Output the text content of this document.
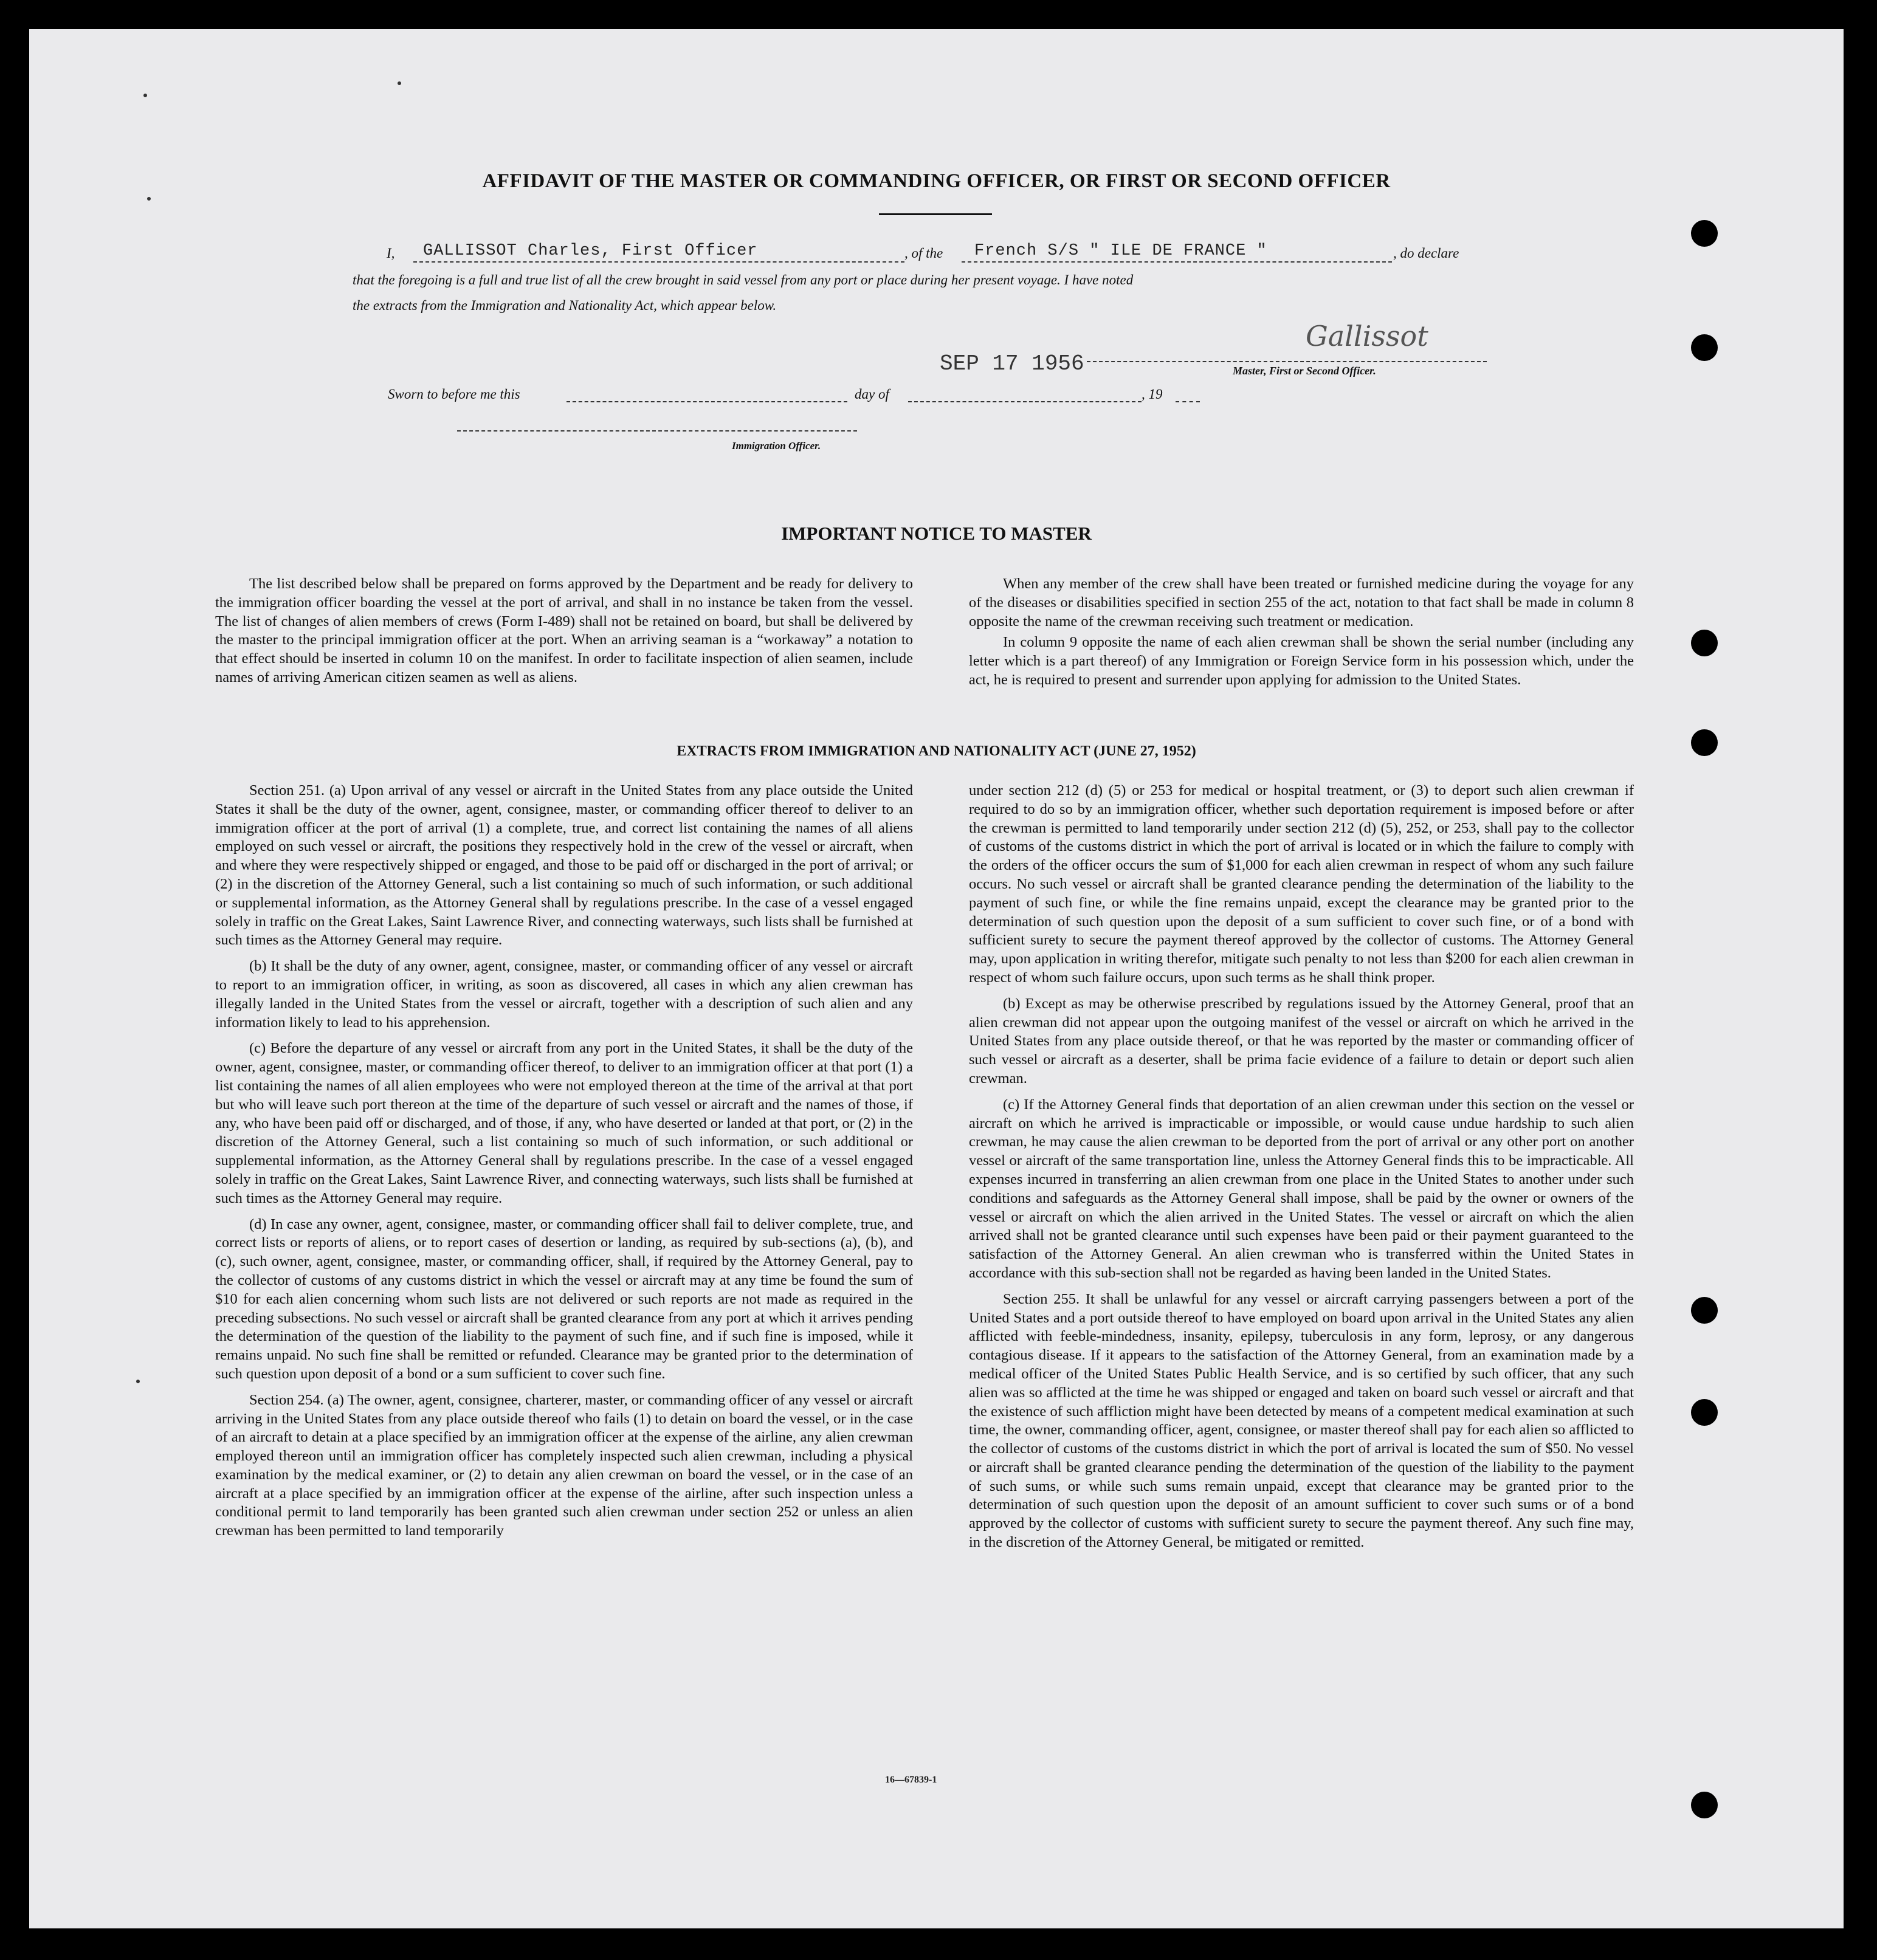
AFFIDAVIT OF THE MASTER OR COMMANDING OFFICER, OR FIRST OR SECOND OFFICER
I, GALLISSOT Charles, First Officer	, of the French S/S " ILE DE FRANCE "	, do declare
that the foregoing is a full and true list of all the crew brought in said vessel from any port or place during her present voyage. I have noted
the extracts from the Immigration and Nationality Act, which appear below.
SEP 17 1956
Gallissot
Master, First or Second Officer.
Sworn to before me this	day of	, 19
Immigration Officer.
IMPORTANT NOTICE TO MASTER

The list described below shall be prepared on forms approved by the Department and be ready for delivery to the immigration officer boarding the vessel at the port of arrival, and shall in no instance be taken from the vessel. The list of changes of alien members of crews (Form I-489) shall not be retained on board, but shall be delivered by the master to the principal immigration officer at the port. When an arriving seaman is a “workaway” a notation to that effect should be inserted in column 10 on the manifest. In order to facilitate inspection of alien seamen, include names of arriving American citizen seamen as well as aliens.

When any member of the crew shall have been treated or furnished medicine during the voyage for any of the diseases or disabilities specified in section 255 of the act, notation to that fact shall be made in column 8 opposite the name of the crewman receiving such treatment or medication.

In column 9 opposite the name of each alien crewman shall be shown the serial number (including any letter which is a part thereof) of any Immigration or Foreign Service form in his possession which, under the act, he is required to present and surrender upon applying for admission to the United States.

EXTRACTS FROM IMMIGRATION AND NATIONALITY ACT (JUNE 27, 1952)

Section 251. (a) Upon arrival of any vessel or aircraft in the United States from any place outside the United States it shall be the duty of the owner, agent, consignee, master, or commanding officer thereof to deliver to an immigration officer at the port of arrival (1) a complete, true, and correct list containing the names of all aliens employed on such vessel or aircraft, the positions they respectively hold in the crew of the vessel or aircraft, when and where they were respectively shipped or engaged, and those to be paid off or discharged in the port of arrival; or (2) in the discretion of the Attorney General, such a list containing so much of such information, or such additional or supplemental information, as the Attorney General shall by regulations prescribe. In the case of a vessel engaged solely in traffic on the Great Lakes, Saint Lawrence River, and connecting waterways, such lists shall be furnished at such times as the Attorney General may require.

(b) It shall be the duty of any owner, agent, consignee, master, or commanding officer of any vessel or aircraft to report to an immigration officer, in writing, as soon as discovered, all cases in which any alien crewman has illegally landed in the United States from the vessel or aircraft, together with a description of such alien and any information likely to lead to his apprehension.

(c) Before the departure of any vessel or aircraft from any port in the United States, it shall be the duty of the owner, agent, consignee, master, or commanding officer thereof, to deliver to an immigration officer at that port (1) a list containing the names of all alien employees who were not employed thereon at the time of the arrival at that port but who will leave such port thereon at the time of the departure of such vessel or aircraft and the names of those, if any, who have been paid off or discharged, and of those, if any, who have deserted or landed at that port, or (2) in the discretion of the Attorney General, such a list containing so much of such information, or such additional or supplemental information, as the Attorney General shall by regulations prescribe. In the case of a vessel engaged solely in traffic on the Great Lakes, Saint Lawrence River, and connecting waterways, such lists shall be furnished at such times as the Attorney General may require.

(d) In case any owner, agent, consignee, master, or commanding officer shall fail to deliver complete, true, and correct lists or reports of aliens, or to report cases of desertion or landing, as required by sub-sections (a), (b), and (c), such owner, agent, consignee, master, or commanding officer, shall, if required by the Attorney General, pay to the collector of customs of any customs district in which the vessel or aircraft may at any time be found the sum of $10 for each alien concerning whom such lists are not delivered or such reports are not made as required in the preceding subsections. No such vessel or aircraft shall be granted clearance from any port at which it arrives pending the determination of the question of the liability to the payment of such fine, and if such fine is imposed, while it remains unpaid. No such fine shall be remitted or refunded. Clearance may be granted prior to the determination of such question upon deposit of a bond or a sum sufficient to cover such fine.

Section 254. (a) The owner, agent, consignee, charterer, master, or commanding officer of any vessel or aircraft arriving in the United States from any place outside thereof who fails (1) to detain on board the vessel, or in the case of an aircraft to detain at a place specified by an immigration officer at the expense of the airline, any alien crewman employed thereon until an immigration officer has completely inspected such alien crewman, including a physical examination by the medical examiner, or (2) to detain any alien crewman on board the vessel, or in the case of an aircraft at a place specified by an immigration officer at the expense of the airline, after such inspection unless a conditional permit to land temporarily has been granted such alien crewman under section 252 or unless an alien crewman has been permitted to land temporarily

under section 212 (d) (5) or 253 for medical or hospital treatment, or (3) to deport such alien crewman if required to do so by an immigration officer, whether such deportation requirement is imposed before or after the crewman is permitted to land temporarily under section 212 (d) (5), 252, or 253, shall pay to the collector of customs of the customs district in which the port of arrival is located or in which the failure to comply with the orders of the officer occurs the sum of $1,000 for each alien crewman in respect of whom any such failure occurs. No such vessel or aircraft shall be granted clearance pending the determination of the liability to the payment of such fine, or while the fine remains unpaid, except the clearance may be granted prior to the determination of such question upon the deposit of a sum sufficient to cover such fine, or of a bond with sufficient surety to secure the payment thereof approved by the collector of customs. The Attorney General may, upon application in writing therefor, mitigate such penalty to not less than $200 for each alien crewman in respect of whom such failure occurs, upon such terms as he shall think proper.

(b) Except as may be otherwise prescribed by regulations issued by the Attorney General, proof that an alien crewman did not appear upon the outgoing manifest of the vessel or aircraft on which he arrived in the United States from any place outside thereof, or that he was reported by the master or commanding officer of such vessel or aircraft as a deserter, shall be prima facie evidence of a failure to detain or deport such alien crewman.

(c) If the Attorney General finds that deportation of an alien crewman under this section on the vessel or aircraft on which he arrived is impracticable or impossible, or would cause undue hardship to such alien crewman, he may cause the alien crewman to be deported from the port of arrival or any other port on another vessel or aircraft of the same transportation line, unless the Attorney General finds this to be impracticable. All expenses incurred in transferring an alien crewman from one place in the United States to another under such conditions and safeguards as the Attorney General shall impose, shall be paid by the owner or owners of the vessel or aircraft on which the alien arrived in the United States. The vessel or aircraft on which the alien arrived shall not be granted clearance until such expenses have been paid or their payment guaranteed to the satisfaction of the Attorney General. An alien crewman who is transferred within the United States in accordance with this sub-section shall not be regarded as having been landed in the United States.

Section 255. It shall be unlawful for any vessel or aircraft carrying passengers between a port of the United States and a port outside thereof to have employed on board upon arrival in the United States any alien afflicted with feeble-mindedness, insanity, epilepsy, tuberculosis in any form, leprosy, or any dangerous contagious disease. If it appears to the satisfaction of the Attorney General, from an examination made by a medical officer of the United States Public Health Service, and is so certified by such officer, that any such alien was so afflicted at the time he was shipped or engaged and taken on board such vessel or aircraft and that the existence of such affliction might have been detected by means of a competent medical examination at such time, the owner, commanding officer, agent, consignee, or master thereof shall pay for each alien so afflicted to the collector of customs of the customs district in which the port of arrival is located the sum of $50. No vessel or aircraft shall be granted clearance pending the determination of the question of the liability to the payment of such sums, or while such sums remain unpaid, except that clearance may be granted prior to the determination of such question upon the deposit of an amount sufficient to cover such sums or of a bond approved by the collector of customs with sufficient surety to secure the payment thereof. Any such fine may, in the discretion of the Attorney General, be mitigated or remitted.

16—67839-1
